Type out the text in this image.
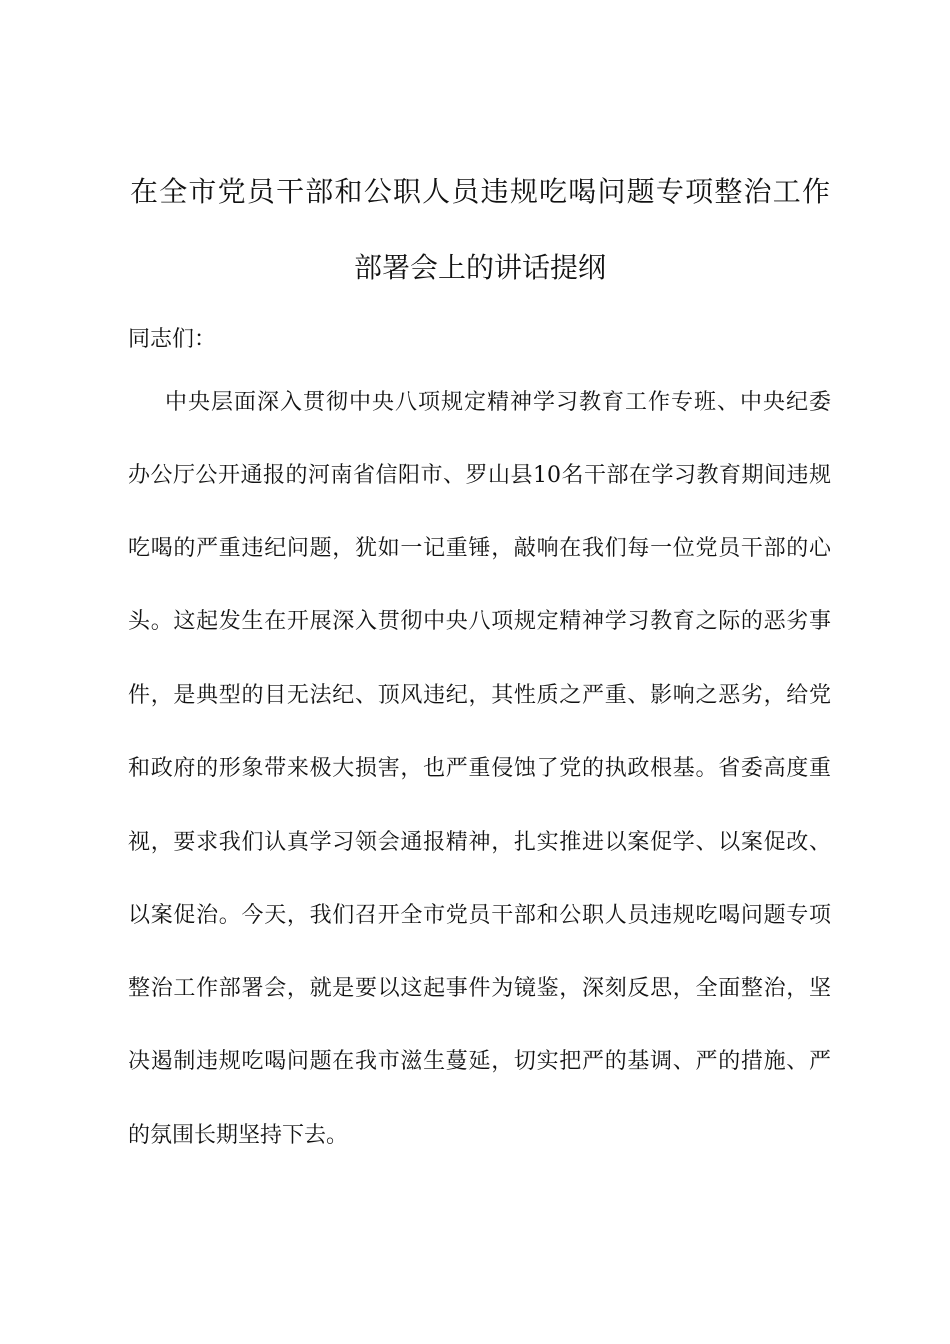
在全市党员干部和公职人员违规吃喝问题专项整治工作
部署会上的讲话提纲
同志们：
中央层面深入贯彻中央八项规定精神学习教育工作专班、中央纪委
办公厅公开通报的河南省信阳市、罗山县10名干部在学习教育期间违规
吃喝的严重违纪问题，犹如一记重锤，敲响在我们每一位党员干部的心
头。这起发生在开展深入贯彻中央八项规定精神学习教育之际的恶劣事
件，是典型的目无法纪、顶风违纪，其性质之严重、影响之恶劣，给党
和政府的形象带来极大损害，也严重侵蚀了党的执政根基。省委高度重
视，要求我们认真学习领会通报精神，扎实推进以案促学、以案促改、
以案促治。今天，我们召开全市党员干部和公职人员违规吃喝问题专项
整治工作部署会，就是要以这起事件为镜鉴，深刻反思，全面整治，坚
决遏制违规吃喝问题在我市滋生蔓延，切实把严的基调、严的措施、严
的氛围长期坚持下去。
